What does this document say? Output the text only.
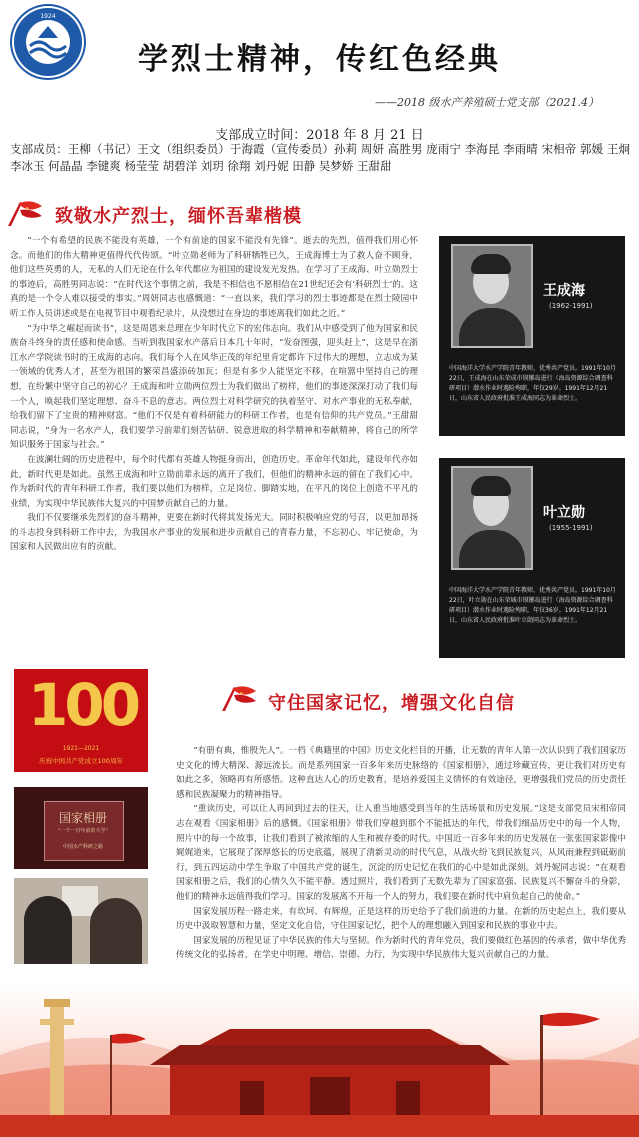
1924
学烈士精神，传红色经典
——2018 级水产养殖硕士党支部（2021.4）
支部成立时间：2018 年 8 月 21 日
支部成员：王柳（书记）王文（组织委员）于海霞（宣传委员）孙莉 周妍 高胜男 庞雨宁 李海昆 李雨晴 宋相帝 郭媛 王炯 李冰玉 何晶晶 李键爽 杨莹莹 胡碧洋 刘玥 徐翔 刘丹妮 田静 吴梦娇 王甜甜
致敬水产烈士，缅怀吾辈楷模

“一个有希望的民族不能没有英雄，一个有前途的国家不能没有先锋”。逝去的先烈，值得我们用心怀念。而他们的伟大精神更值得代代传颂。“叶立勋老师为了科研牺牲已久，王成海博士为了救人奋不顾身，他们这些英勇的人，无私的人们无论在什么年代都应为祖国的建设发光发热。在学习了王成海、叶立勋烈士的事迹后，高胜男同志说：“在时代这个事情之前，我是不相信也不愿相信在21世纪还会有‘科研烈士’的。这真的是一个令人难以接受的事实。”周妍同志也感慨道：“一直以来，我们学习的烈士事迹都是在烈士陵园中听工作人员讲述或是在电视节目中观看纪录片，从没想过在身边的事迹离我们如此之近。”

“为中华之崛起而读书”，这是周恩来总理在少年时代立下的宏伟志向。我们从中感受到了他为国家和民族奋斗终身的责任感和使命感。当听到我国家水产落后日本几十年时，“发奋图强，迎头赶上”，这是早在浙江水产学院读书时的王成海的志向。我们每个人在风华正茂的年纪里肯定都许下过伟大的理想，立志成为某一领域的优秀人才，甚至为祖国的繁荣昌盛添砖加瓦；但是有多少人能坚定不移，在喧嚣中坚持自己的理想，在纷繁中坚守自己的初心？王成海和叶立勋两位烈士为我们做出了榜样，他们的事迹深深打动了我们每一个人，唤起我们坚定理想、奋斗不息的意志。两位烈士对科学研究的执着坚守、对水产事业的无私奉献，给我们留下了宝贵的精神财富。“他们不仅是有着科研能力的科研工作者，也是有信仰的共产党员。”王甜甜同志说，“身为一名水产人，我们要学习前辈们刻苦钻研、锐意进取的科学精神和奉献精神，将自己的所学知识服务于国家与社会。”

在波澜壮阔的历史进程中，每个时代都有英雄人物挺身而出，创造历史。革命年代如此，建设年代亦如此，新时代更是如此。虽然王成海和叶立勋前辈永远的离开了我们，但他们的精神永远的留在了我们心中。作为新时代的青年科研工作者，我们要以他们为榜样，立足岗位、脚踏实地，在平凡的岗位上创造不平凡的业绩，为实现中华民族伟大复兴的中国梦贡献自己的力量。

我们不仅要继承先烈们的奋斗精神，更要在新时代将其发扬光大。同时积极响应党的号召，以更加昂扬的斗志投身到科研工作中去，为我国水产事业的发展和进步贡献自己的青春力量，不忘初心、牢记使命，为国家和人民做出应有的贡献。

王成海
(1962-1991)
中国海洋大学水产学院青年教师，优秀共产党员。1991年10月22日，王成海在山东荣成市镆铘岛进行（海岛资源综合调查科研项目）潜水作业时遇险殉职，年仅29岁。1991年12月21日，山东省人民政府批准王成海同志为革命烈士。
叶立勋
(1955-1991)
中国海洋大学水产学院青年教师，优秀共产党员。1991年10月22日，叶立勋在山东荣城市镆铘岛进行（海岛资源综合调查科研项目）潜水作业时遇险殉职，年仅36岁。1991年12月21日，山东省人民政府批准叶立勋同志为革命烈士。
100
1921—2021
庆祝中国共产党成立100周年
国家相册
"一个一百年前的大学"
中国水产科研之路
守住国家记忆，增强文化自信

“有册有典，惟殷先人”。一档《典籍里的中国》历史文化栏目的开播，让无数的青年人第一次认识到了我们国家历史文化的博大精深、源远流长。而是系列国家一百多年来历史脉络的《国家相册》，通过珍藏宣传，更让我们对历史有如此之多，领略再有所感悟。这种直达人心的历史教育，是培养爱国主义情怀的有效途径，更增强我们党员的历史责任感和民族凝聚力的精神指导。

“重读历史，可以让人再回到过去的往天，让人重当地感受到当年的生活场景和历史发展。”这是支部党员宋相帝同志在观看《国家相册》后的感慨。《国家相册》带我们穿越到那个不能抵达的年代，带我们细品历史中的每一个人物，照片中的每一个故事，让我们看到了被浓缩的人生和被存委的时代。中国近一百多年来的历史发展在一张张国家影像中娓娓道来，它展现了深厚悠长的历史底蕴，展现了清新灵动的时代气息，从战火纷飞到民族复兴，从风雨兼程到砥砺前行，到五四运动中学生争取了中国共产党的诞生，沉淀的历史记忆在我们的心中是如此深刻。刘丹妮同志说：“在观看国家相册之后，我们的心情久久不能平静。透过照片，我们看到了无数先辈为了国家富强、民族复兴不懈奋斗的身影，他们的精神永远值得我们学习。国家的发展离不开每一个人的努力，我们要在新时代中肩负起自己的使命。”

国家发展历程一路走来，有坎坷、有辉煌，正是这样的历史给予了我们前进的力量。在新的历史起点上，我们要从历史中汲取智慧和力量，坚定文化自信，守住国家记忆，把个人的理想融入到国家和民族的事业中去。

国家发展的历程见证了中华民族的伟大与坚韧。作为新时代的青年党员，我们要做红色基因的传承者，做中华优秀传统文化的弘扬者，在学史中明理、增信、崇德、力行，为实现中华民族伟大复兴贡献自己的力量。
